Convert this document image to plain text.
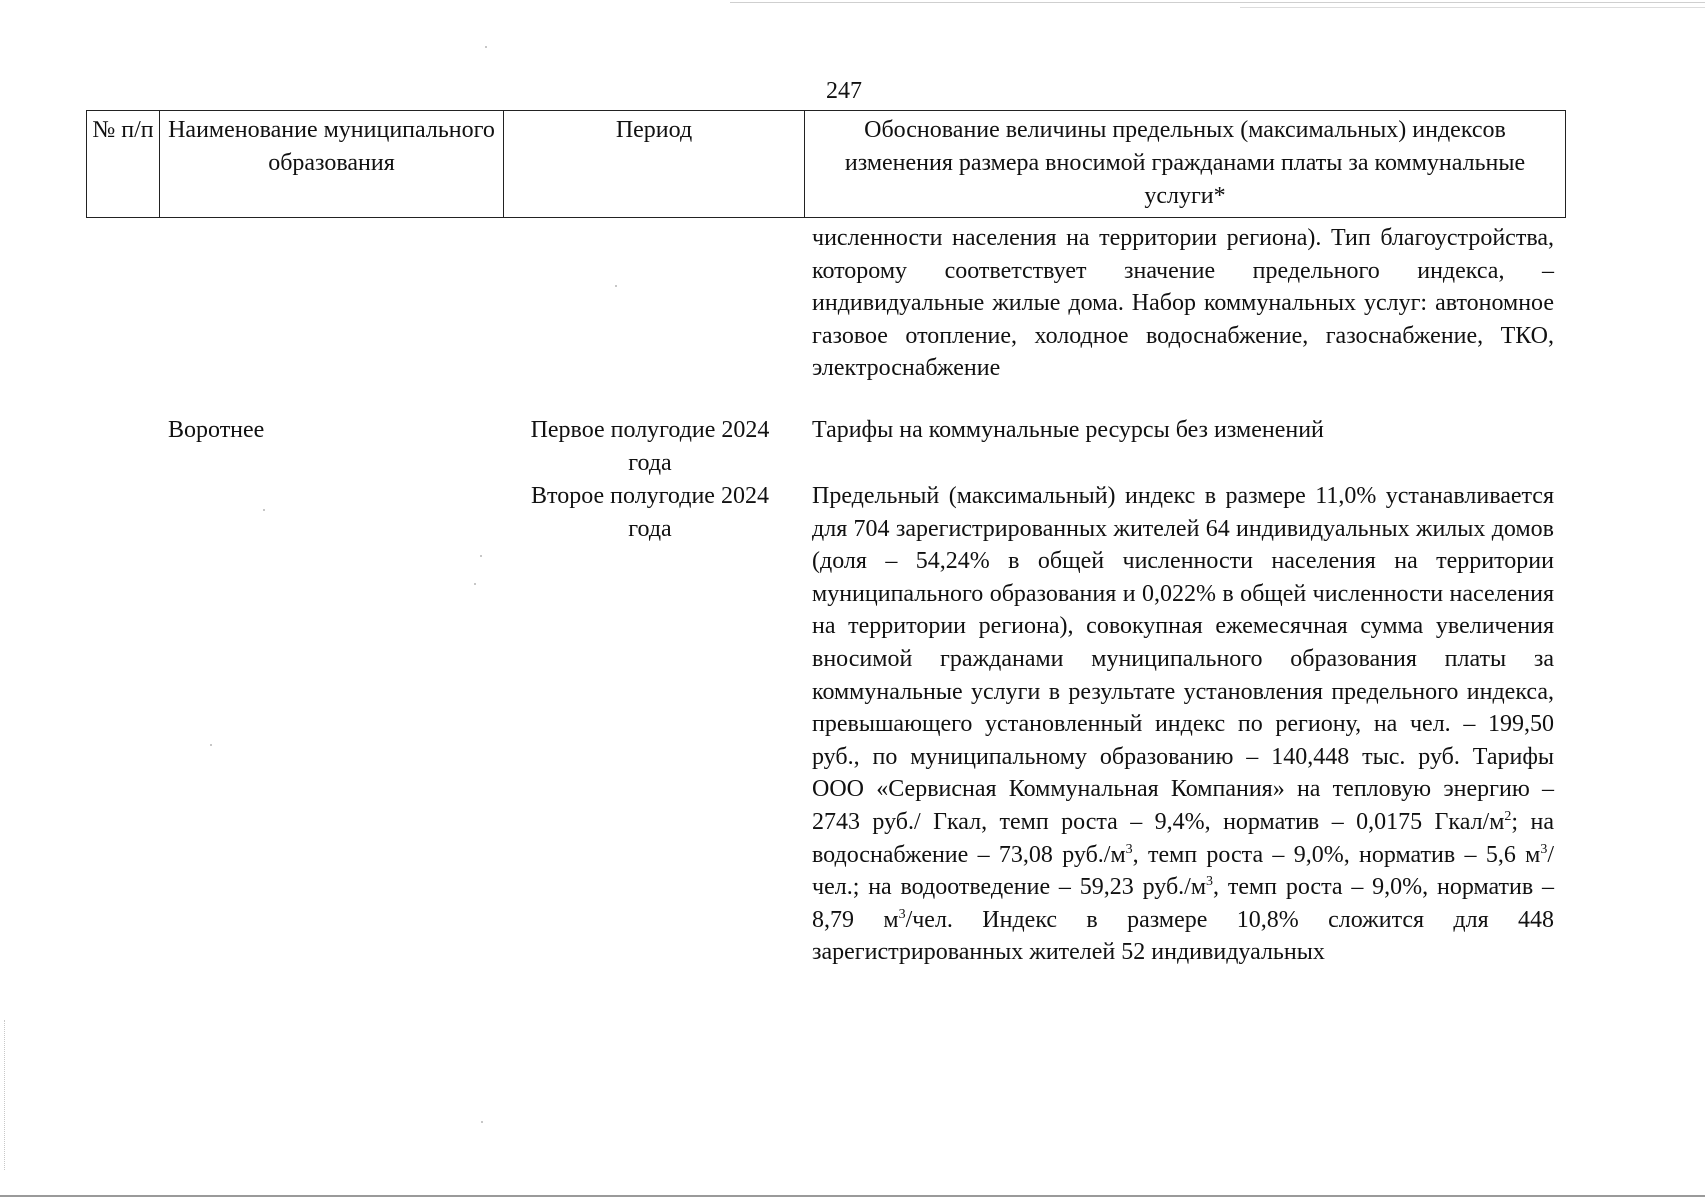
247
№ п/п Наименование муниципального образования
Период	Обоснование величины предельных (максимальных) индексов изменения размера вносимой гражданами платы за коммунальные услуги*
численности населения на территории региона). Тип благоустройства, которому соответствует значение предельного индекса, – индивидуальные жилые дома. Набор коммунальных услуг: автономное газовое отопление, холодное водоснабжение, газоснабжение, ТКО, электроснабжение
Воротнее	Первое полугодие 2024 года
Тарифы на коммунальные ресурсы без изменений
Второе полугодие 2024 года
Предельный (максимальный) индекс в размере 11,0% устанавливается для 704 зарегистрированных жителей 64 индивидуальных жилых домов (доля – 54,24% в общей численности населения на территории муниципального образования и 0,022% в общей численности населения на территории региона), совокупная ежемесячная сумма увеличения вносимой гражданами муниципального образования платы за коммунальные услуги в результате установления предельного индекса, превышающего установленный индекс по региону, на чел. – 199,50 руб., по муниципальному образованию – 140,448 тыс. руб. Тарифы ООО «Сервисная Коммунальная Компания» на тепловую энергию – 2743 руб./ Гкал, темп роста – 9,4%, норматив – 0,0175 Гкал/$м^2$; на водоснабжение – 73,08 $руб./м^3$, темп роста – 9,0%, норматив – 5,6 $м^3$/чел.; на водоотведение – 59,23 $руб./м^3$, темп роста – 9,0%, норматив – 8,79 $м^3$/чел. Индекс в размере 10,8% сложится для 448 зарегистрированных жителей 52 индивидуальных
